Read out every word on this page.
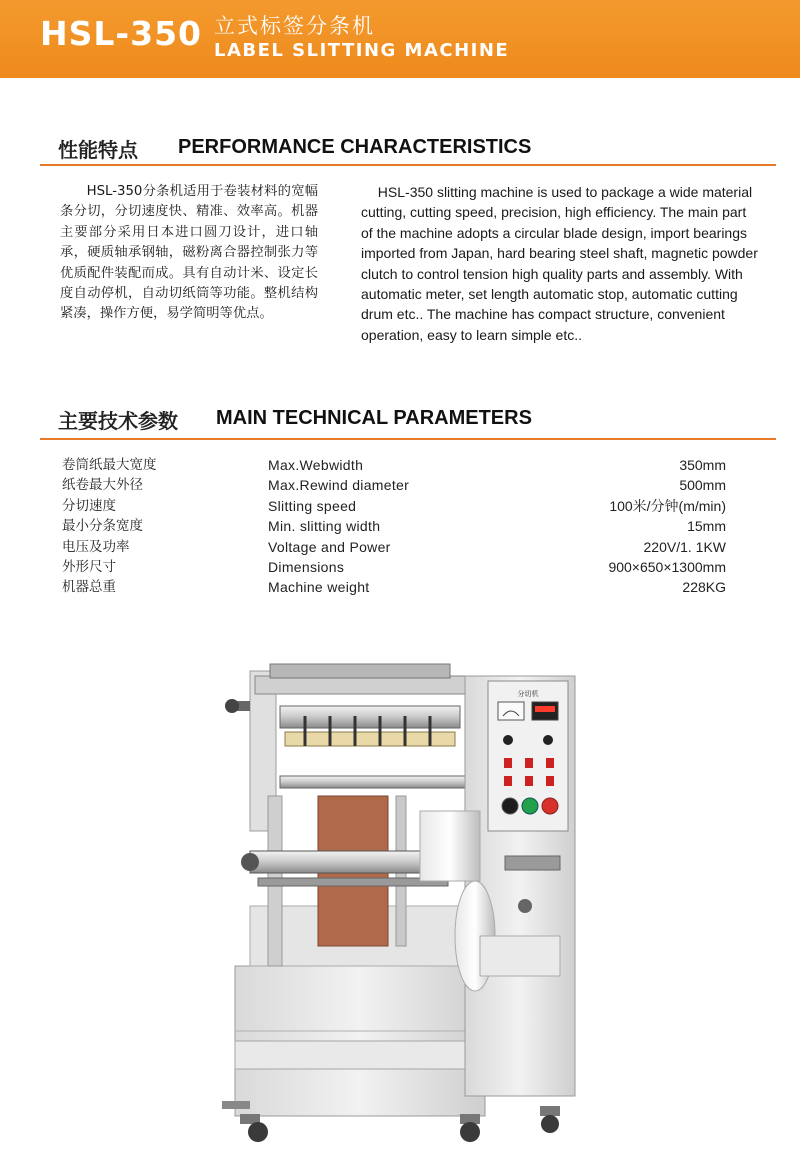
HSL-350 立式标签分条机
LABEL SLITTING MACHINE
性能特点 PERFORMANCE CHARACTERISTICS
HSL-350分条机适用于卷装材料的宽幅条分切，分切速度快、精准、效率高。机器主要部分采用日本进口圆刀设计，进口轴承，硬质轴承钢轴，磁粉离合器控制张力等优质配件装配而成。具有自动计米、设定长度自动停机，自动切纸筒等功能。整机结构紧凑，操作方便，易学简明等优点。
HSL-350 slitting machine is used to package a wide material cutting, cutting speed, precision, high efficiency. The main part of the machine adopts a circular blade design, import bearings imported from Japan, hard bearing steel shaft, magnetic powder clutch to control tension high quality parts and assembly. With automatic meter, set length automatic stop, automatic cutting drum etc.. The machine has compact structure, convenient operation, easy to learn simple etc..
主要技术参数 MAIN TECHNICAL PARAMETERS
卷筒纸最大宽度	Max.Webwidth	350mm
纸卷最大外径	Max.Rewind diameter	500mm
分切速度	Slitting speed	100米/分钟(m/min)
最小分条宽度	Min. slitting width	15mm
电压及功率	Voltage and Power	220V/1. 1KW
外形尺寸	Dimensions	900×650×1300mm
机器总重	Machine weight	228KG
分切机
